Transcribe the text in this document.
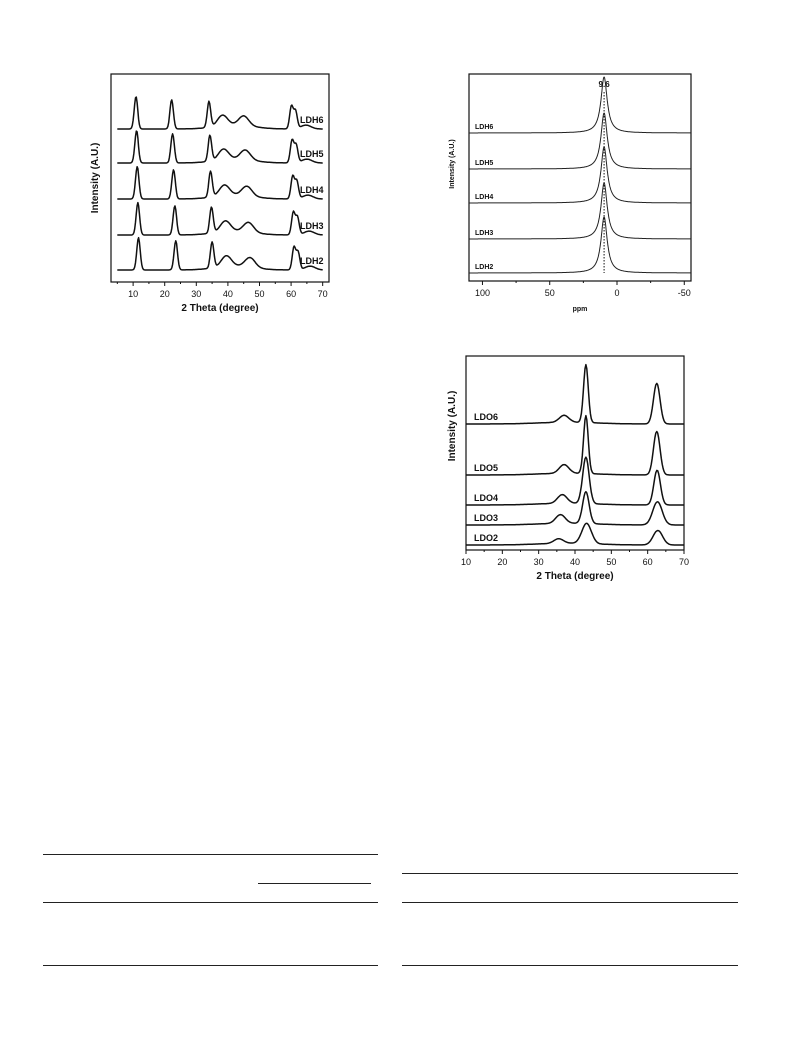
10 20 30 40 50 60 70
2 Theta (degree)
Intensity (A.U.)
LDH2
LDH3
LDH4
LDH5
LDH6
100	50	0	-50
ppm
Intensity (A.U.)
LDH2
LDH3
LDH4
LDH5
LDH6
9.6
10	20	30	40	50	60	70
2 Theta (degree)
Intensity (A.U.)
LDO2
LDO3
LDO4
LDO5
LDO6
